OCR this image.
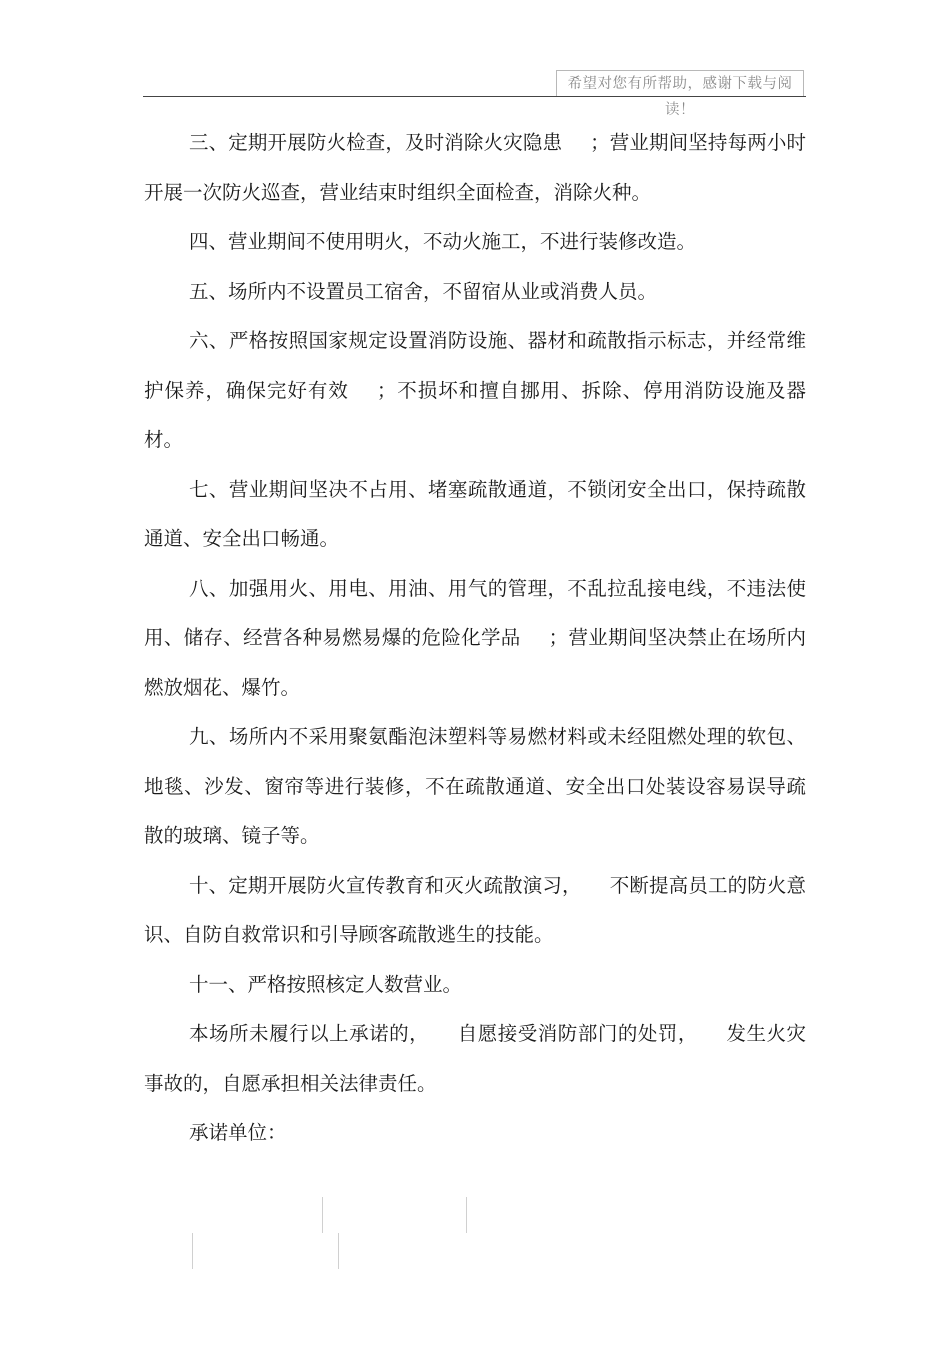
希望对您有所帮助，感谢下载与阅读！

三、定期开展防火检查，及时消除火灾隐患 ；营业期间坚持每两小时开展一次防火巡查，营业结束时组织全面检查，消除火种。

四、营业期间不使用明火，不动火施工，不进行装修改造。

五、场所内不设置员工宿舍，不留宿从业或消费人员。

六、严格按照国家规定设置消防设施、器材和疏散指示标志，并经常维护保养，确保完好有效 ；不损坏和擅自挪用、拆除、停用消防设施及器材。

七、营业期间坚决不占用、堵塞疏散通道，不锁闭安全出口，保持疏散通道、安全出口畅通。

八、加强用火、用电、用油、用气的管理，不乱拉乱接电线，不违法使用、储存、经营各种易燃易爆的危险化学品 ；营业期间坚决禁止在场所内燃放烟花、爆竹。

九、场所内不采用聚氨酯泡沫塑料等易燃材料或未经阻燃处理的软包、地毯、沙发、窗帘等进行装修，不在疏散通道、安全出口处装设容易误导疏散的玻璃、镜子等。

十、定期开展防火宣传教育和灭火疏散演习， 不断提高员工的防火意识、自防自救常识和引导顾客疏散逃生的技能。

十一、严格按照核定人数营业。

本场所未履行以上承诺的， 自愿接受消防部门的处罚， 发生火灾事故的，自愿承担相关法律责任。

承诺单位：
